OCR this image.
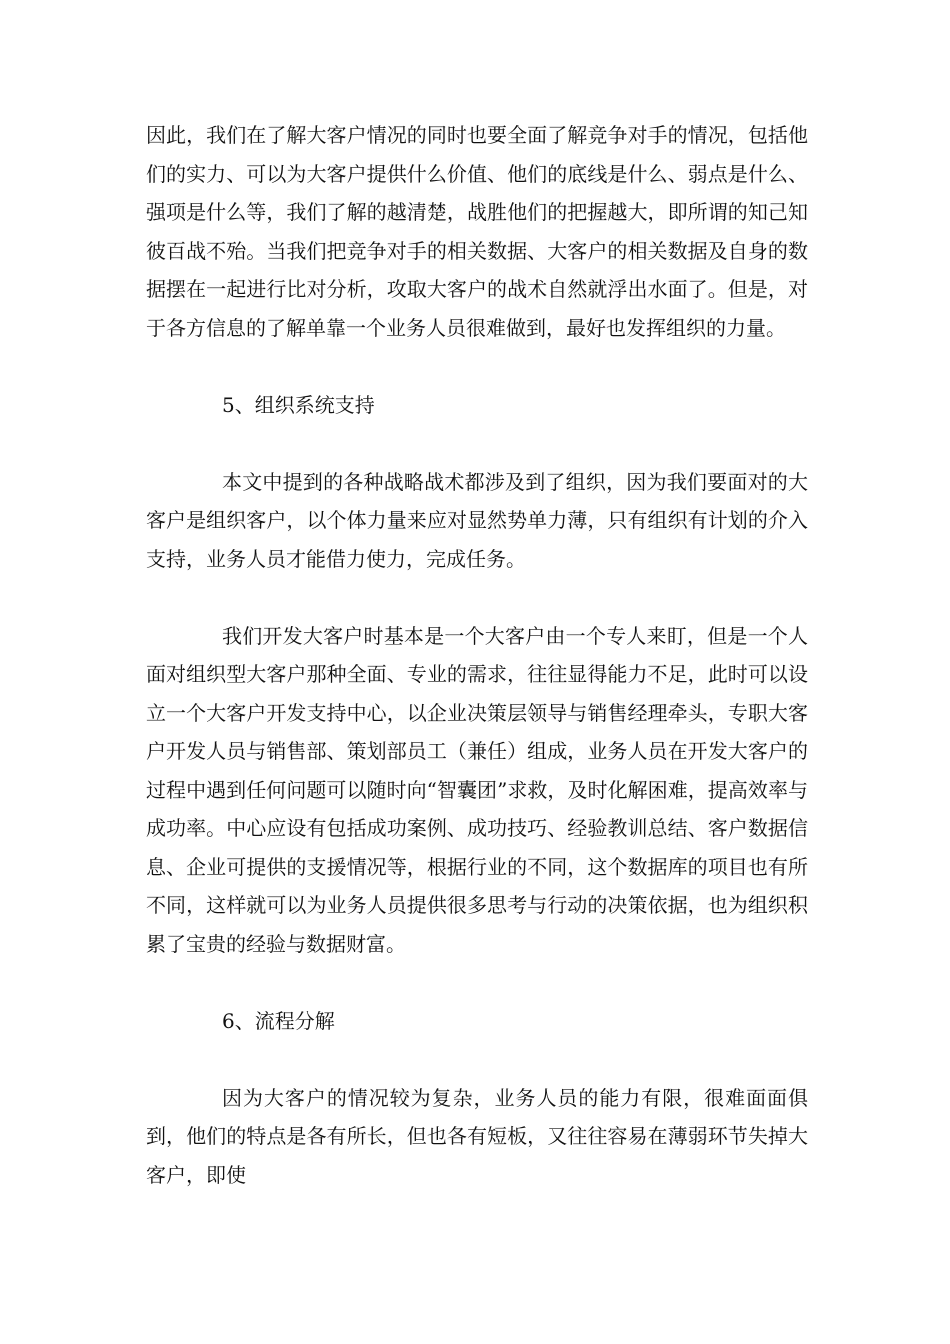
因此，我们在了解大客户情况的同时也要全面了解竞争对手的情况，包括他们的实力、可以为大客户提供什么价值、他们的底线是什么、弱点是什么、强项是什么等，我们了解的越清楚，战胜他们的把握越大，即所谓的知己知彼百战不殆。当我们把竞争对手的相关数据、大客户的相关数据及自身的数据摆在一起进行比对分析，攻取大客户的战术自然就浮出水面了。但是，对于各方信息的了解单靠一个业务人员很难做到，最好也发挥组织的力量。

5、组织系统支持

本文中提到的各种战略战术都涉及到了组织，因为我们要面对的大客户是组织客户，以个体力量来应对显然势单力薄，只有组织有计划的介入支持，业务人员才能借力使力，完成任务。

我们开发大客户时基本是一个大客户由一个专人来盯，但是一个人面对组织型大客户那种全面、专业的需求，往往显得能力不足，此时可以设立一个大客户开发支持中心，以企业决策层领导与销售经理牵头，专职大客户开发人员与销售部、策划部员工（兼任）组成，业务人员在开发大客户的过程中遇到任何问题可以随时向“智囊团”求救，及时化解困难，提高效率与成功率。中心应设有包括成功案例、成功技巧、经验教训总结、客户数据信息、企业可提供的支援情况等，根据行业的不同，这个数据库的项目也有所不同，这样就可以为业务人员提供很多思考与行动的决策依据，也为组织积累了宝贵的经验与数据财富。

6、流程分解

因为大客户的情况较为复杂，业务人员的能力有限，很难面面俱到，他们的特点是各有所长，但也各有短板，又往往容易在薄弱环节失掉大客户，即使
